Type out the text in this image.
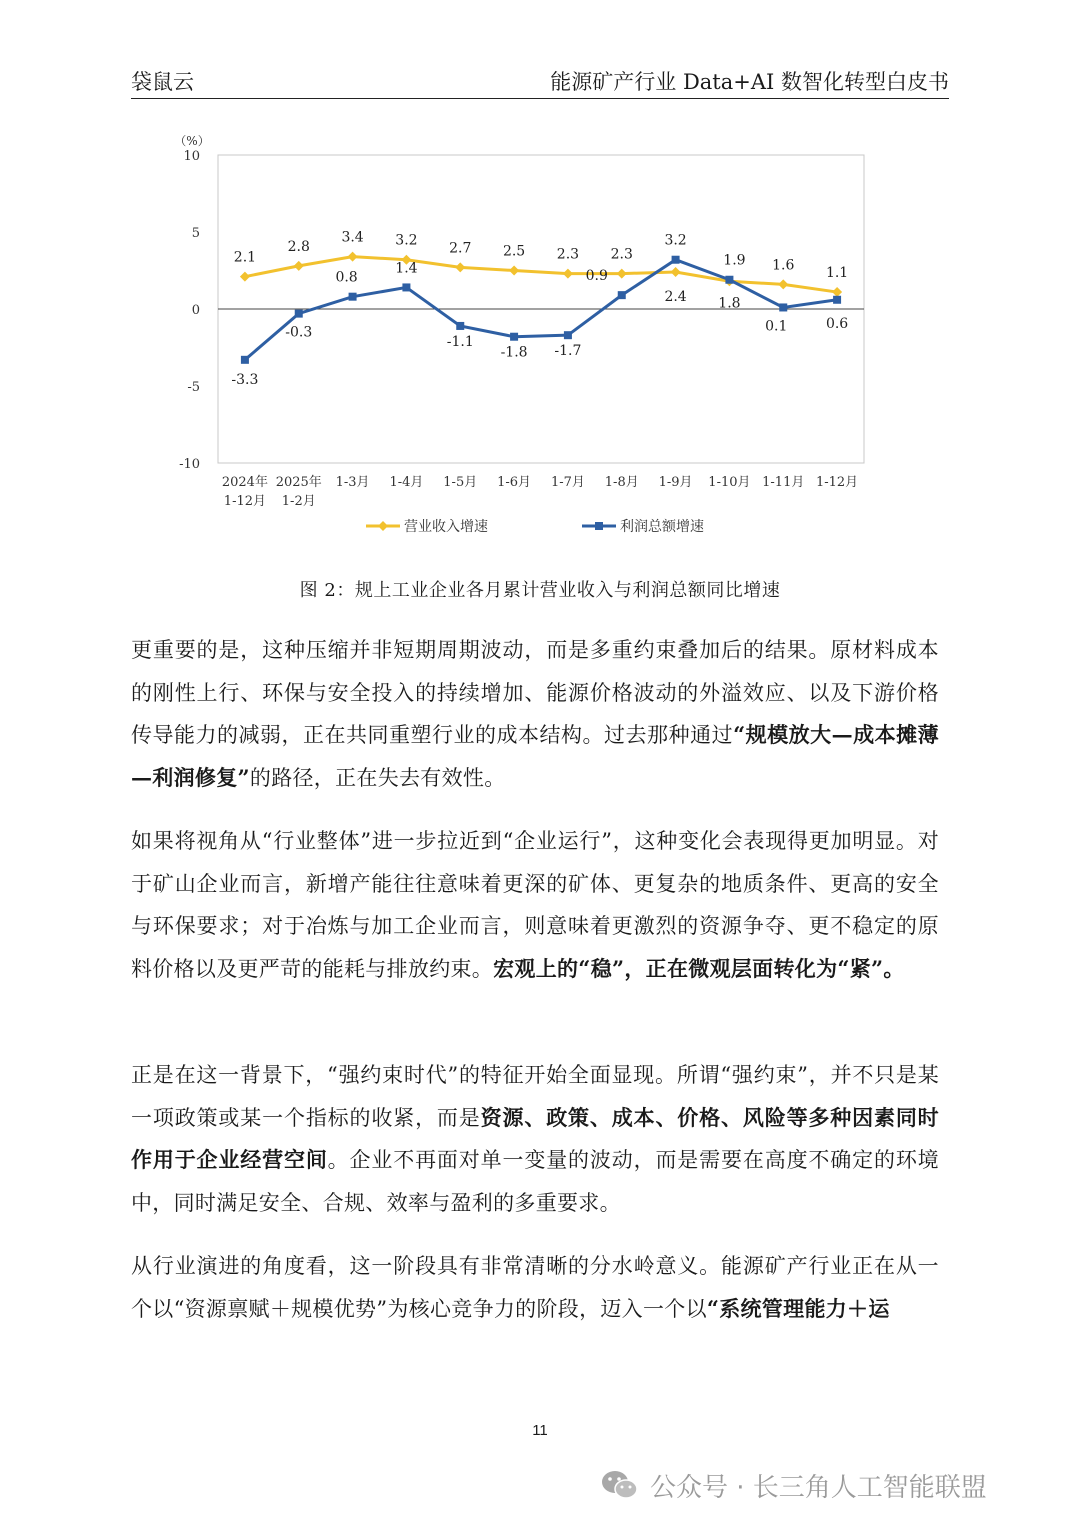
袋鼠云	能源矿产行业 Data+AI 数智化转型白皮书
（%）
10
5
0
-5
-10
2024年
1-12月
2025年
1-2月
1-3月 1-4月 1-5月 1-6月 1-7月 1-8月 1-9月 1-10月 1-11月 1-12月
2.1
2.8
3.4 3.2 2.7 2.5 2.3 2.3
2.4 1.8
1.6 1.1
-3.3
-0.3
0.8
1.4
-1.1
-1.8 -1.7
0.9
3.2
1.9
0.1	0.6
营业收入增速	利润总额增速
图 2：规上工业企业各月累计营业收入与利润总额同比增速
更重要的是，这种压缩并非短期周期波动，而是多重约束叠加后的结果。原材料成本的刚性上行、环保与安全投入的持续增加、能源价格波动的外溢效应、以及下游价格传导能力的减弱，正在共同重塑行业的成本结构。过去那种通过“规模放大—成本摊薄—利润修复”的路径，正在失去有效性。
如果将视角从“行业整体”进一步拉近到“企业运行”，这种变化会表现得更加明显。对于矿山企业而言，新增产能往往意味着更深的矿体、更复杂的地质条件、更高的安全与环保要求；对于冶炼与加工企业而言，则意味着更激烈的资源争夺、更不稳定的原料价格以及更严苛的能耗与排放约束。宏观上的“稳”，正在微观层面转化为“紧”。
正是在这一背景下，“强约束时代”的特征开始全面显现。所谓“强约束”，并不只是某一项政策或某一个指标的收紧，而是资源、政策、成本、价格、风险等多种因素同时作用于企业经营空间。企业不再面对单一变量的波动，而是需要在高度不确定的环境中，同时满足安全、合规、效率与盈利的多重要求。
从行业演进的角度看，这一阶段具有非常清晰的分水岭意义。能源矿产行业正在从一个以“资源禀赋＋规模优势”为核心竞争力的阶段，迈入一个以“系统管理能力＋运
11
公众号 · 长三角人工智能联盟
